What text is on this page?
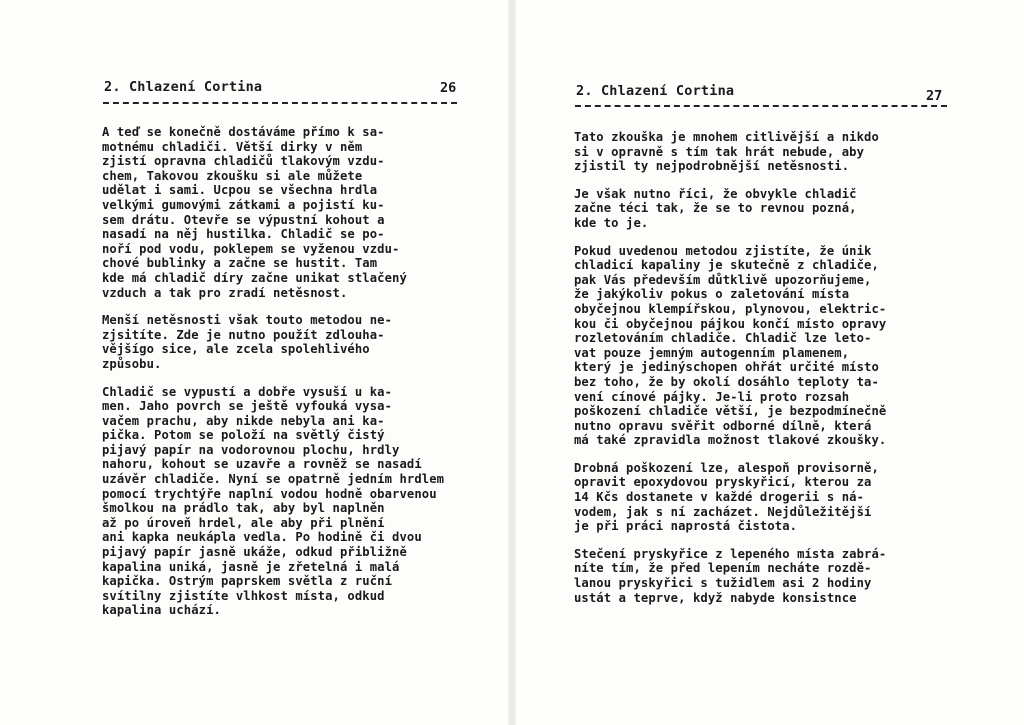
2. Chlazení Cortina	26
A teď se konečně dostáváme přímo k sa-
motnému chladiči. Větší dirky v něm
zjistí opravna chladičů tlakovým vzdu-
chem, Takovou zkoušku si ale můžete
udělat i sami. Ucpou se všechna hrdla
velkými gumovými zátkami a pojistí ku-
sem drátu. Otevře se výpustní kohout a
nasadí na něj hustilka. Chladič se po-
noří pod vodu, poklepem se vyženou vzdu-
chové bublinky a začne se hustit. Tam
kde má chladič díry začne unikat stlačený
vzduch a tak pro zradí netěsnost.
Menší netěsnosti však touto metodou ne-
zjsitíte. Zde je nutno použít zdlouha-
vějšígo sice, ale zcela spolehlivého
způsobu.
Chladič se vypustí a dobře vysuší u ka-
men. Jaho povrch se ještě vyfouká vysa-
vačem prachu, aby nikde nebyla ani ka-
pička. Potom se položí na světlý čistý
pijavý papír na vodorovnou plochu, hrdly
nahoru, kohout se uzavře a rovněž se nasadí
uzávěr chladiče. Nyní se opatrně jedním hrdlem
pomocí trychtýře naplní vodou hodně obarvenou
šmolkou na prádlo tak, aby byl naplněn
až po úroveň hrdel, ale aby při plnění
ani kapka neukápla vedla. Po hodině či dvou
pijavý papír jasně ukáže, odkud přibližně
kapalina uniká, jasně je zřetelná i malá
kapička. Ostrým paprskem světla z ruční
svítilny zjistíte vlhkost místa, odkud
kapalina uchází.
2. Chlazení Cortina	27
Tato zkouška je mnohem citlivější a nikdo
si v opravně s tím tak hrát nebude, aby
zjistil ty nejpodrobnější netěsnosti.
Je však nutno říci, že obvykle chladič
začne téci tak, že se to revnou pozná,
kde to je.
Pokud uvedenou metodou zjistíte, že únik
chladicí kapaliny je skutečně z chladiče,
pak Vás především důtklivě upozorňujeme,
že jakýkoliv pokus o zaletování místa
obyčejnou klempířskou, plynovou, elektric-
kou či obyčejnou pájkou končí místo opravy
rozletováním chladiče. Chladič lze leto-
vat pouze jemným autogenním plamenem,
který je jedinýschopen ohřát určité místo
bez toho, že by okolí dosáhlo teploty ta-
vení cínové pájky. Je-li proto rozsah
poškození chladiče větší, je bezpodmínečně
nutno opravu svěřit odborné dílně, která
má také zpravidla možnost tlakové zkoušky.
Drobná poškození lze, alespoň provisorně,
opravit epoxydovou pryskyřicí, kterou za
14 Kčs dostanete v každé drogerii s ná-
vodem, jak s ní zacházet. Nejdůležitější
je při práci naprostá čistota.
Stečení pryskyřice z lepeného místa zabrá-
níte tím, že před lepením necháte rozdě-
lanou pryskyřici s tužidlem asi 2 hodiny
ustát a teprve, když nabyde konsistnce
